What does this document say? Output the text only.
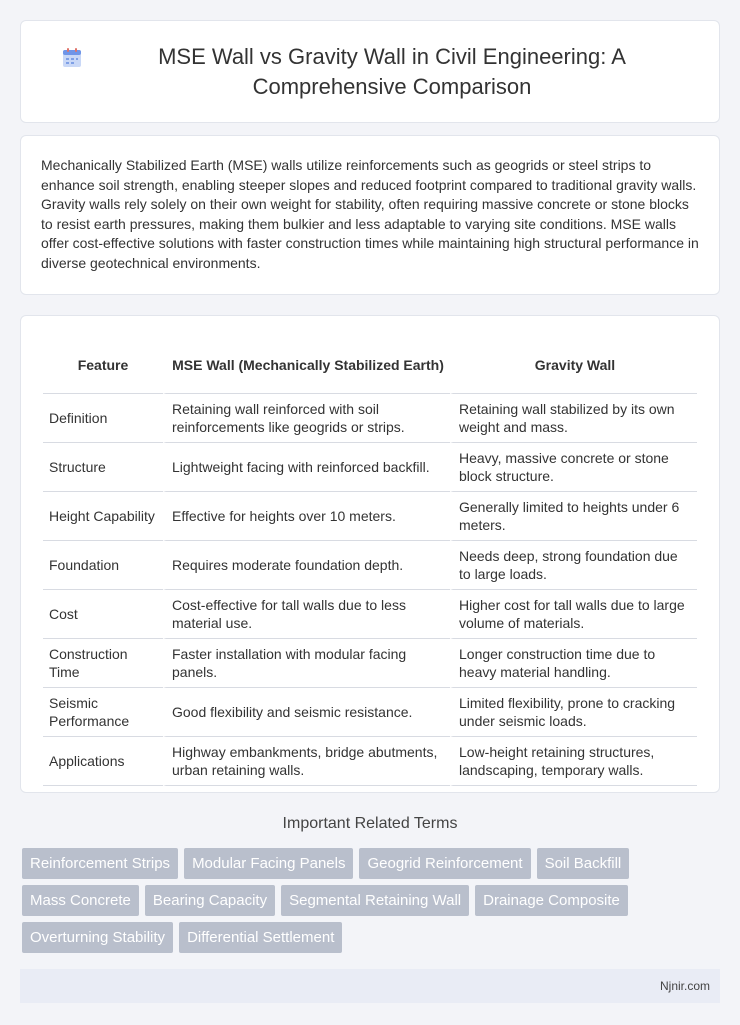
MSE Wall vs Gravity Wall in Civil Engineering: A Comprehensive Comparison

Mechanically Stabilized Earth (MSE) walls utilize reinforcements such as geogrids or steel strips to enhance soil strength, enabling steeper slopes and reduced footprint compared to traditional gravity walls. Gravity walls rely solely on their own weight for stability, often requiring massive concrete or stone blocks to resist earth pressures, making them bulkier and less adaptable to varying site conditions. MSE walls offer cost-effective solutions with faster construction times while maintaining high structural performance in diverse geotechnical environments.

Feature	MSE Wall (Mechanically Stabilized Earth)	Gravity Wall
Definition	Retaining wall reinforced with soil reinforcements like geogrids or strips.	Retaining wall stabilized by its own weight and mass.
Structure	Lightweight facing with reinforced backfill.	Heavy, massive concrete or stone block structure.
Height Capability	Effective for heights over 10 meters.	Generally limited to heights under 6 meters.
Foundation	Requires moderate foundation depth.	Needs deep, strong foundation due to large loads.
Cost	Cost-effective for tall walls due to less material use.	Higher cost for tall walls due to large volume of materials.
Construction Time	Faster installation with modular facing panels.	Longer construction time due to heavy material handling.
Seismic Performance	Good flexibility and seismic resistance.	Limited flexibility, prone to cracking under seismic loads.
Applications	Highway embankments, bridge abutments, urban retaining walls.	Low-height retaining structures, landscaping, temporary walls.
Important Related Terms
Reinforcement Strips	Modular Facing Panels	Geogrid Reinforcement	Soil Backfill
Mass Concrete	Bearing Capacity	Segmental Retaining Wall	Drainage Composite
Overturning Stability	Differential Settlement
Njnir.com
